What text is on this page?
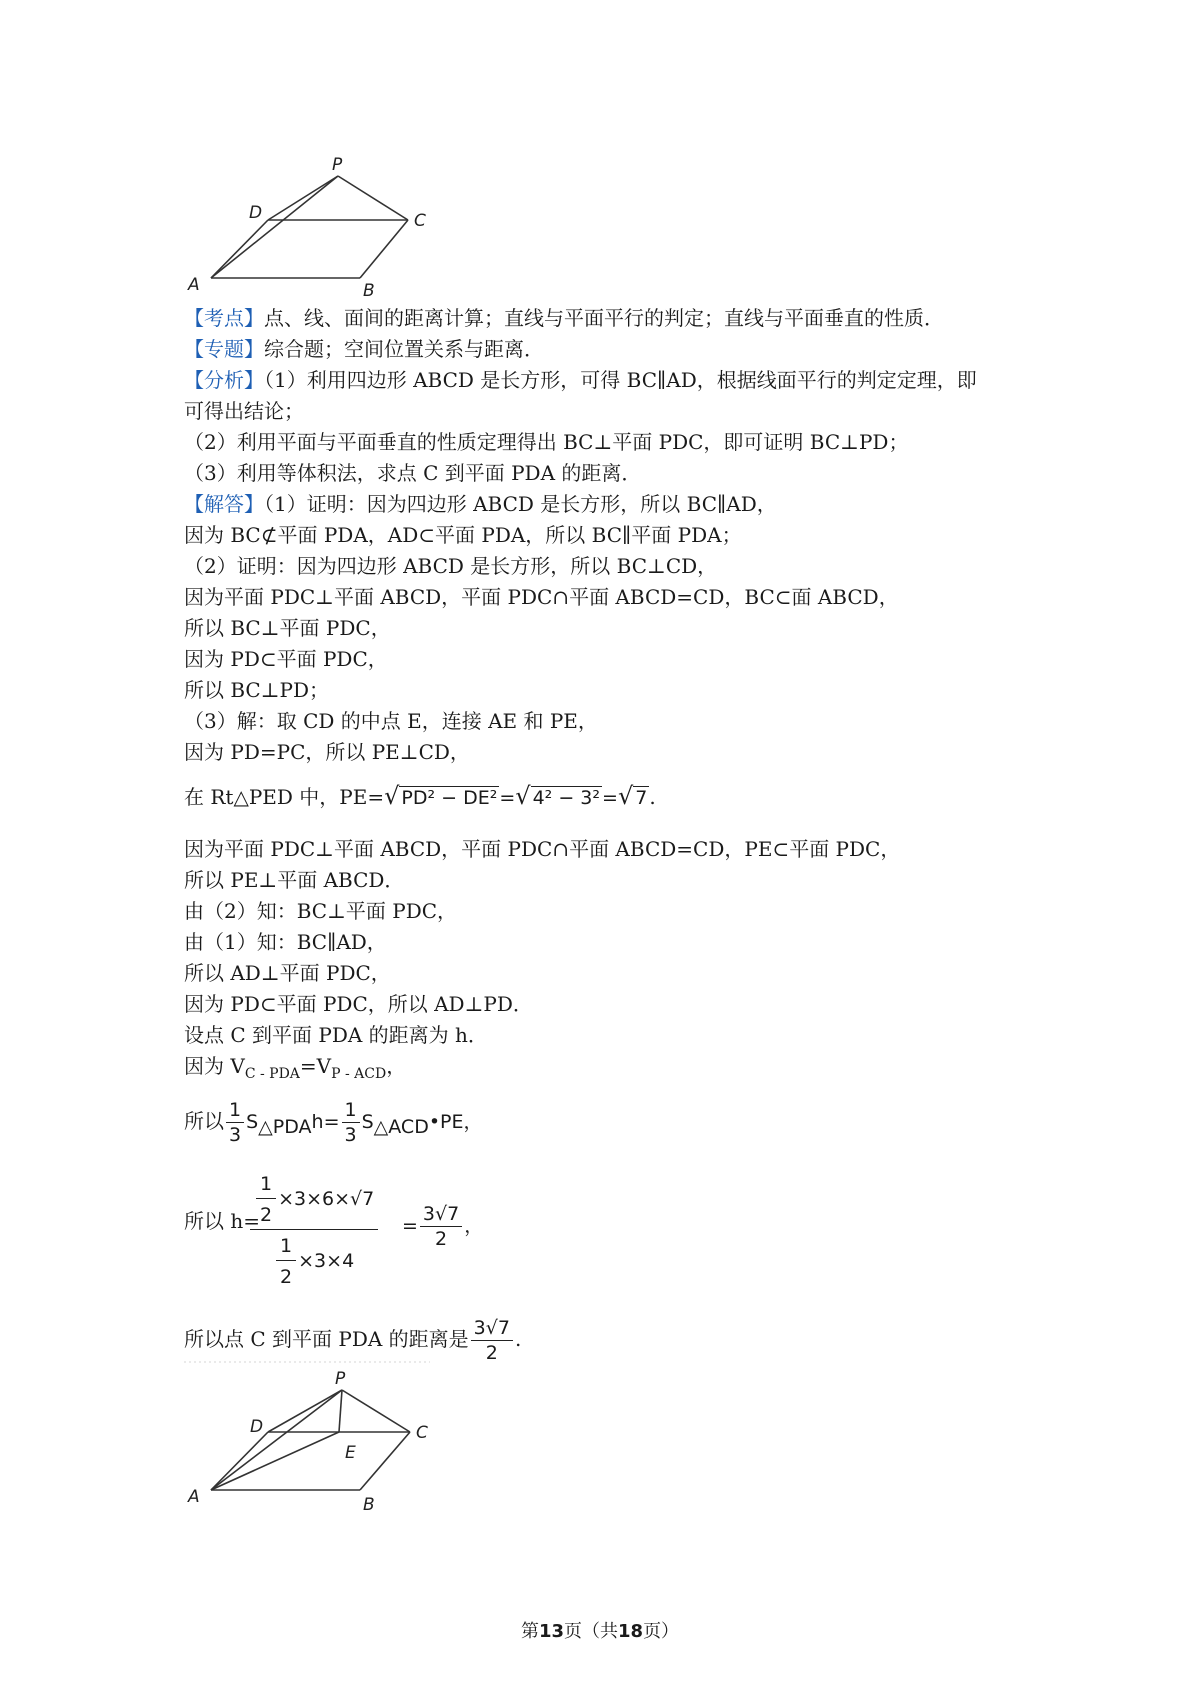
P
D	C
A	B
【考点】点、线、面间的距离计算；直线与平面平行的判定；直线与平面垂直的性质．
【专题】综合题；空间位置关系与距离．
【分析】（1）利用四边形 ABCD 是长方形，可得 BC∥AD，根据线面平行的判定定理，即
可得出结论；
（2）利用平面与平面垂直的性质定理得出 BC⊥平面 PDC，即可证明 BC⊥PD；
（3）利用等体积法，求点 C 到平面 PDA 的距离．
【解答】（1）证明：因为四边形 ABCD 是长方形，所以 BC∥AD，
因为 BC⊄平面 PDA，AD⊂平面 PDA，所以 BC∥平面 PDA；
（2）证明：因为四边形 ABCD 是长方形，所以 BC⊥CD，
因为平面 PDC⊥平面 ABCD，平面 PDC∩平面 ABCD=CD，BC⊂面 ABCD，
所以 BC⊥平面 PDC，
因为 PD⊂平面 PDC，
所以 BC⊥PD；
（3）解：取 CD 的中点 E，连接 AE 和 PE，
因为 PD=PC，所以 PE⊥CD，
在 Rt△PED 中，PE=√ PD² − DE² =√ 4² − 3² =√ 7 .
因为平面 PDC⊥平面 ABCD，平面 PDC∩平面 ABCD=CD，PE⊂平面 PDC，
所以 PE⊥平面 ABCD．
由（2）知：BC⊥平面 PDC，
由（1）知：BC∥AD，
所以 AD⊥平面 PDC，
因为 PD⊂平面 PDC，所以 AD⊥PD．
设点 C 到平面 PDA 的距离为 h．
因为 $V_{C - PDA}=V_{P - ACD}$，
所以 $\frac{1}{3}$ S△PDAh= $\frac{1}{3}$ S△ACD•PE，
所以 h=
$\frac{\frac{1}{2} \times 3\times 6\times√7}{\frac{1}{2} \times 3\times 4} = \frac{3√7}{2}$ ，
所以点 C 到平面 PDA 的距离是 $\frac{3√7}{2}$ .
P
D	C
E
A	B
第13页（共18页）
